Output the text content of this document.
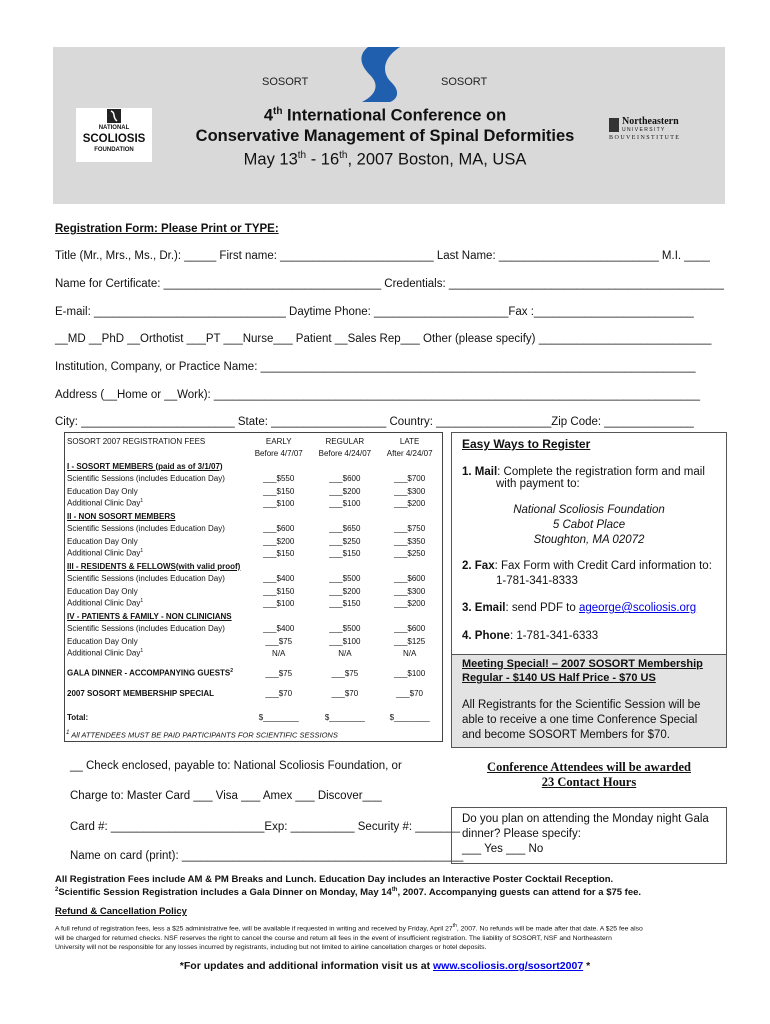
SOSORT	SOSORT
4th International Conference on
Conservative Management of Spinal Deformities
May 13th - 16th, 2007 Boston, MA, USA
NATIONAL
SCOLIOSIS
FOUNDATION
Northeastern
U N I V E R S I T Y
B O U V E I N S T I T U T E
Registration Form: Please Print or TYPE:
Title (Mr., Mrs., Ms., Dr.): _____ First name: ________________________ Last Name: _________________________ M.I. ____
Name for Certificate: __________________________________ Credentials: ___________________________________________
E-mail: ______________________________ Daytime Phone: _____________________Fax :_________________________
__MD __PhD __Orthotist ___PT ___Nurse___ Patient __Sales Rep___ Other (please specify) ___________________________
Institution, Company, or Practice Name: ____________________________________________________________________
Address (__Home or __Work): ____________________________________________________________________________
City: ________________________ State: __________________ Country: __________________Zip Code: ______________
SOSORT 2007 REGISTRATION FEES	EARLY	REGULAR	LATE
	Before 4/7/07	Before 4/24/07	After 4/24/07
I - SOSORT MEMBERS (paid as of 3/1/07)			
Scientific Sessions (includes Education Day)	___$550	___$600	___$700
Education Day Only	___$150	___$200	___$300
Additional Clinic Day$^1$	___$100	___$100	___$200
II - NON SOSORT MEMBERS			
Scientific Sessions (includes Education Day)	___$600	___$650	___$750
Education Day Only	___$200	___$250	___$350
Additional Clinic Day$^1$	___$150	___$150	___$250
III - RESIDENTS & FELLOWS(with valid proof)			
Scientific Sessions (includes Education Day)	___$400	___$500	___$600
Education Day Only	___$150	___$200	___$300
Additional Clinic Day$^1$	___$100	___$150	___$200
IV - PATIENTS & FAMILY - NON CLINICIANS			
Scientific Sessions (includes Education Day)	___$400	___$500	___$600
Education Day Only	___$75	___$100	___$125
Additional Clinic Day$^1$	N/A	N/A	N/A
GALA DINNER - ACCOMPANYING GUESTS$^2$	___$75	___$75	___$100
2007 SOSORT MEMBERSHIP SPECIAL	___$70	___$70	___$70
Total:	$________	$________	$________
$^1$ All ATTENDEES MUST BE PAID PARTICIPANTS FOR SCIENTIFIC SESSIONS
Easy Ways to Register
1. Mail: Complete the registration form and mail
with payment to:
National Scoliosis Foundation
5 Cabot Place
Stoughton, MA 02072
2. Fax: Fax Form with Credit Card information to:
1-781-341-8333
3. Email: send PDF to ageorge@scoliosis.org
4. Phone: 1-781-341-6333
Meeting Special! – 2007 SOSORT Membership
Regular - $140 US Half Price - $70 US
All Registrants for the Scientific Session will be
able to receive a one time Conference Special
and become SOSORT Members for $70.
__ Check enclosed, payable to: National Scoliosis Foundation, or
Charge to: Master Card ___ Visa ___ Amex ___ Discover___
Card #: ________________________Exp: __________ Security #: _______
Name on card (print): ____________________________________________
Conference Attendees will be awarded
23 Contact Hours
Do you plan on attending the Monday night Gala
dinner? Please specify:
___ Yes ___ No
All Registration Fees include AM & PM Breaks and Lunch. Education Day includes an Interactive Poster Cocktail Reception.
$^2$Scientific Session Registration includes a Gala Dinner on Monday, May 14th, 2007. Accompanying guests can attend for a $75 fee.
Refund & Cancellation Policy
A full refund of registration fees, less a $25 administrative fee, will be available if requested in writing and received by Friday, April 27th, 2007. No refunds will be made after that date. A $25 fee also
will be charged for returned checks. NSF reserves the right to cancel the course and return all fees in the event of insufficient registration. The liability of SOSORT, NSF and Northeastern
University will not be responsible for any losses incurred by registrants, including but not limited to airline cancellation charges or hotel deposits.
*For updates and additional information visit us at www.scoliosis.org/sosort2007 *
